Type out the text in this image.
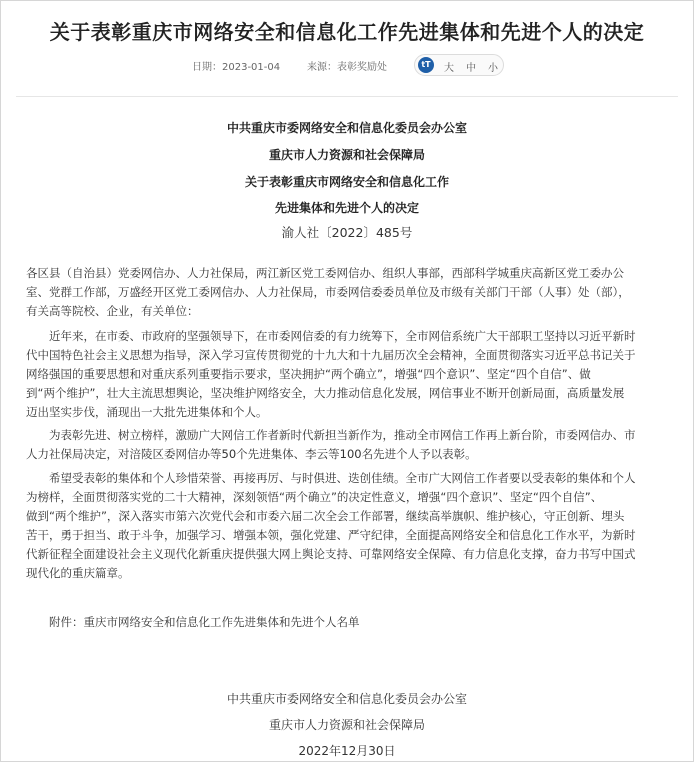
关于表彰重庆市网络安全和信息化工作先进集体和先进个人的决定
日期：2023-01-04	来源：表彰奖励处	tT	大 中 小
中共重庆市委网络安全和信息化委员会办公室
重庆市人力资源和社会保障局
关于表彰重庆市网络安全和信息化工作
先进集体和先进个人的决定
渝人社〔2022〕485号
各区县（自治县）党委网信办、人力社保局，两江新区党工委网信办、组织人事部，西部科学城重庆高新区党工委办公
室、党群工作部，万盛经开区党工委网信办、人力社保局，市委网信委委员单位及市级有关部门干部（人事）处（部），
有关高等院校、企业，有关单位：
　　近年来，在市委、市政府的坚强领导下，在市委网信委的有力统筹下，全市网信系统广大干部职工坚持以习近平新时
代中国特色社会主义思想为指导，深入学习宣传贯彻党的十九大和十九届历次全会精神，全面贯彻落实习近平总书记关于
网络强国的重要思想和对重庆系列重要指示要求，坚决拥护“两个确立”，增强“四个意识”、坚定“四个自信”、做
到“两个维护”，壮大主流思想舆论，坚决维护网络安全，大力推动信息化发展，网信事业不断开创新局面，高质量发展
迈出坚实步伐，涌现出一大批先进集体和个人。
　　为表彰先进、树立榜样，激励广大网信工作者新时代新担当新作为，推动全市网信工作再上新台阶，市委网信办、市
人力社保局决定，对涪陵区委网信办等50个先进集体、李云等100名先进个人予以表彰。
　　希望受表彰的集体和个人珍惜荣誉、再接再厉、与时俱进、迭创佳绩。全市广大网信工作者要以受表彰的集体和个人
为榜样，全面贯彻落实党的二十大精神，深刻领悟“两个确立”的决定性意义，增强“四个意识”、坚定“四个自信”、
做到“两个维护”，深入落实市第六次党代会和市委六届二次全会工作部署，继续高举旗帜、维护核心，守正创新、埋头
苦干，勇于担当、敢于斗争，加强学习、增强本领，强化党建、严守纪律，全面提高网络安全和信息化工作水平，为新时
代新征程全面建设社会主义现代化新重庆提供强大网上舆论支持、可靠网络安全保障、有力信息化支撑，奋力书写中国式
现代化的重庆篇章。
　　附件：重庆市网络安全和信息化工作先进集体和先进个人名单
中共重庆市委网络安全和信息化委员会办公室
重庆市人力资源和社会保障局
2022年12月30日
